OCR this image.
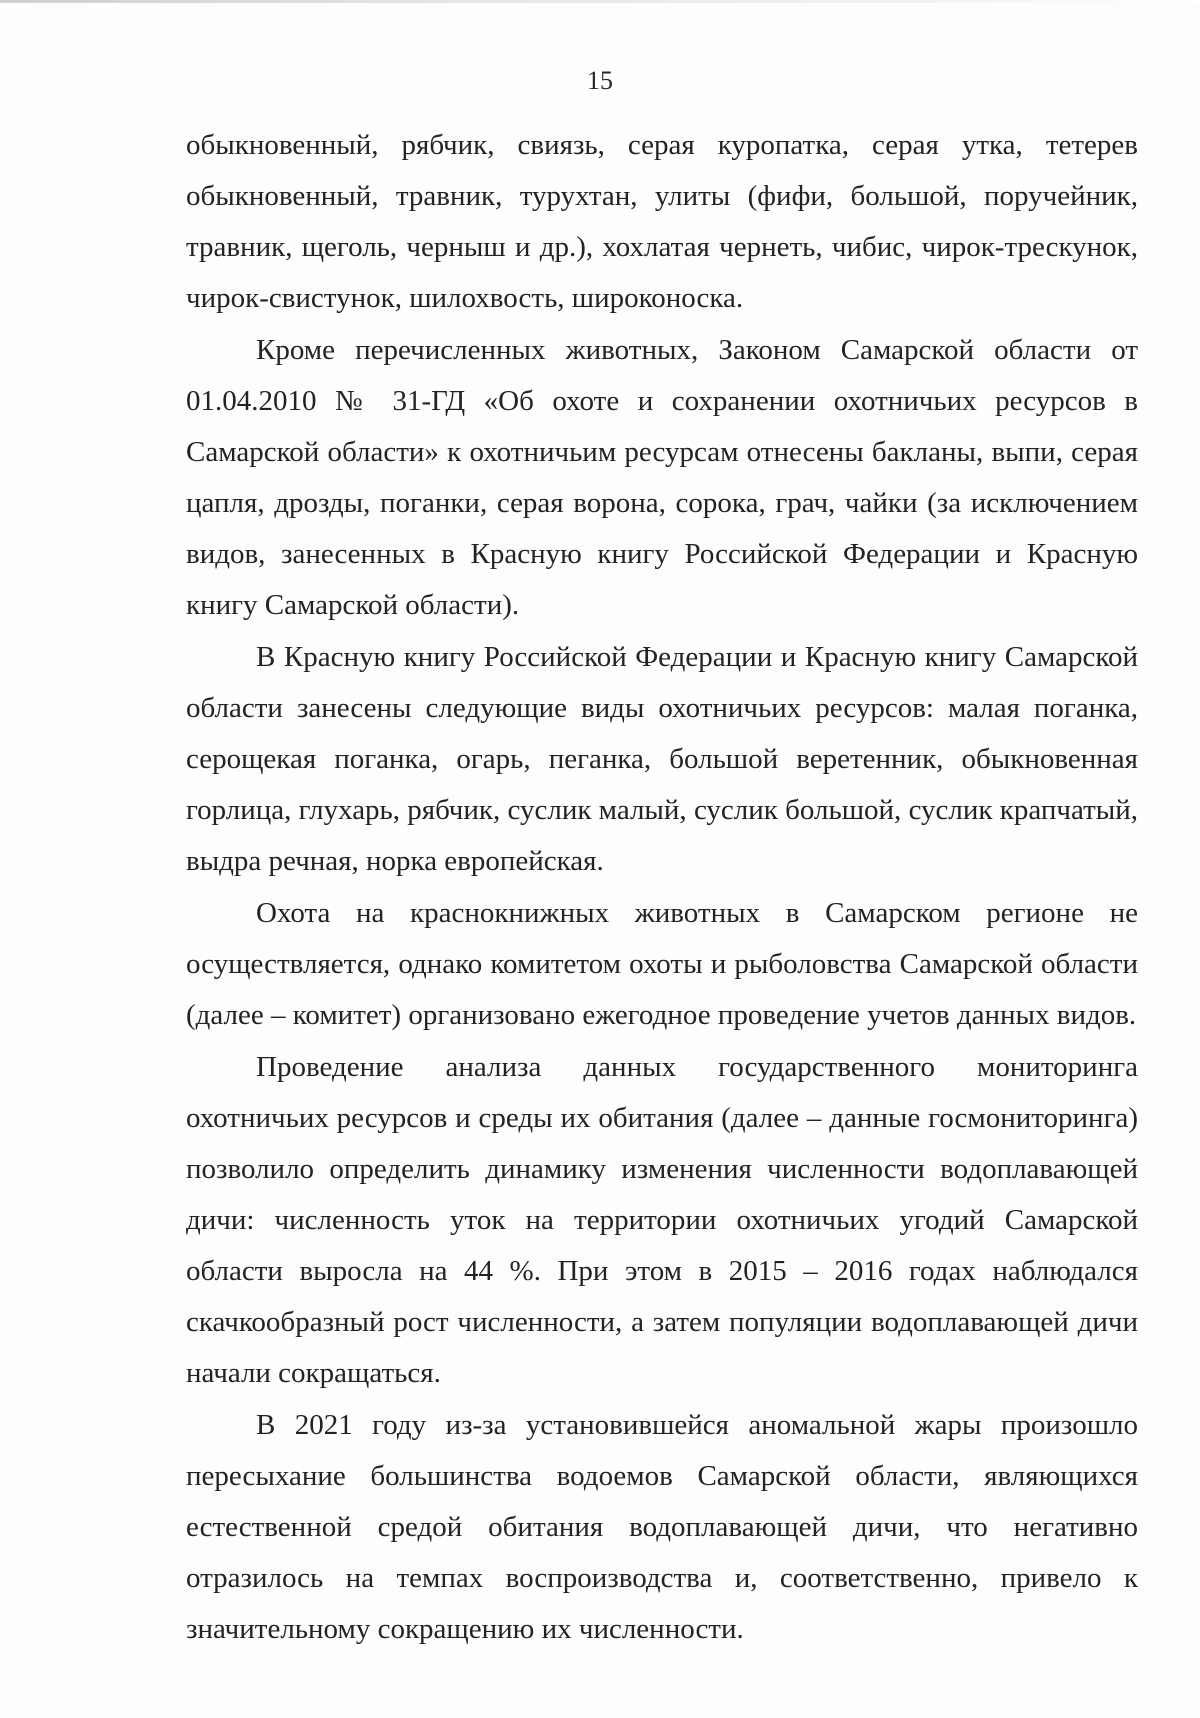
15

обыкновенный, рябчик, свиязь, серая куропатка, серая утка, тетерев обыкновенный, травник, турухтан, улиты (фифи, большой, поручейник, травник, щеголь, черныш и др.), хохлатая чернеть, чибис, чирок-трескунок, чирок-свистунок, шилохвость, широконоска.

Кроме перечисленных животных, Законом Самарской области от 01.04.2010 № 31-ГД «Об охоте и сохранении охотничьих ресурсов в Самарской области» к охотничьим ресурсам отнесены бакланы, выпи, серая цапля, дрозды, поганки, серая ворона, сорока, грач, чайки (за исключением видов, занесенных в Красную книгу Российской Федерации и Красную книгу Самарской области).

В Красную книгу Российской Федерации и Красную книгу Самарской области занесены следующие виды охотничьих ресурсов: малая поганка, серощекая поганка, огарь, пеганка, большой веретенник, обыкновенная горлица, глухарь, рябчик, суслик малый, суслик большой, суслик крапчатый, выдра речная, норка европейская.

Охота на краснокнижных животных в Самарском регионе не осуществляется, однако комитетом охоты и рыболовства Самарской области (далее – комитет) организовано ежегодное проведение учетов данных видов.

Проведение анализа данных государственного мониторинга охотничьих ресурсов и среды их обитания (далее – данные госмониторинга) позволило определить динамику изменения численности водоплавающей дичи: численность уток на территории охотничьих угодий Самарской области выросла на 44 %. При этом в 2015 – 2016 годах наблюдался скачкообразный рост численности, а затем популяции водоплавающей дичи начали сокращаться.

В 2021 году из-за установившейся аномальной жары произошло пересыхание большинства водоемов Самарской области, являющихся естественной средой обитания водоплавающей дичи, что негативно отразилось на темпах воспроизводства и, соответственно, привело к значительному сокращению их численности.
